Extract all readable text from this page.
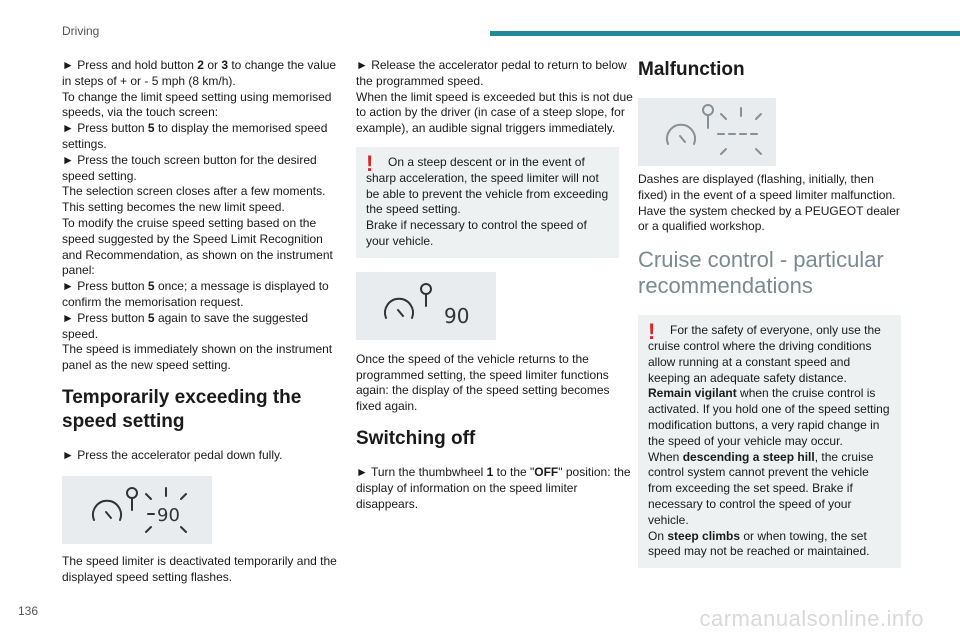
Driving

► Press and hold button 2 or 3 to change the value in steps of + or - 5 mph (8 km/h).

To change the limit speed setting using memorised speeds, via the touch screen:

► Press button 5 to display the memorised speed settings.

► Press the touch screen button for the desired speed setting.

The selection screen closes after a few moments.

This setting becomes the new limit speed.

To modify the cruise speed setting based on the speed suggested by the Speed Limit Recognition and Recommendation, as shown on the instrument panel:

► Press button 5 once; a message is displayed to confirm the memorisation request.

► Press button 5 again to save the suggested speed.

The speed is immediately shown on the instrument panel as the new speed setting.

Temporarily exceeding the speed setting

► Press the accelerator pedal down fully.

90

The speed limiter is deactivated temporarily and the displayed speed setting flashes.

► Release the accelerator pedal to return to below the programmed speed.

When the limit speed is exceeded but this is not due to action by the driver (in case of a steep slope, for example), an audible signal triggers immediately.

!	On a steep descent or in the event of sharp acceleration, the speed limiter will not be able to prevent the vehicle from exceeding the speed setting.

Brake if necessary to control the speed of your vehicle.

90

Once the speed of the vehicle returns to the programmed setting, the speed limiter functions again: the display of the speed setting becomes fixed again.

Switching off

► Turn the thumbwheel 1 to the "OFF" position: the display of information on the speed limiter disappears.

Malfunction

Dashes are displayed (flashing, initially, then fixed) in the event of a speed limiter malfunction.

Have the system checked by a PEUGEOT dealer or a qualified workshop.

Cruise control - particular recommendations
!	For the safety of everyone, only use the cruise control where the driving conditions allow running at a constant speed and keeping an adequate safety distance.

Remain vigilant when the cruise control is activated. If you hold one of the speed setting modification buttons, a very rapid change in the speed of your vehicle may occur.

When descending a steep hill, the cruise control system cannot prevent the vehicle from exceeding the set speed. Brake if necessary to control the speed of your vehicle.

On steep climbs or when towing, the set speed may not be reached or maintained.

136	carmanualsonline.info
